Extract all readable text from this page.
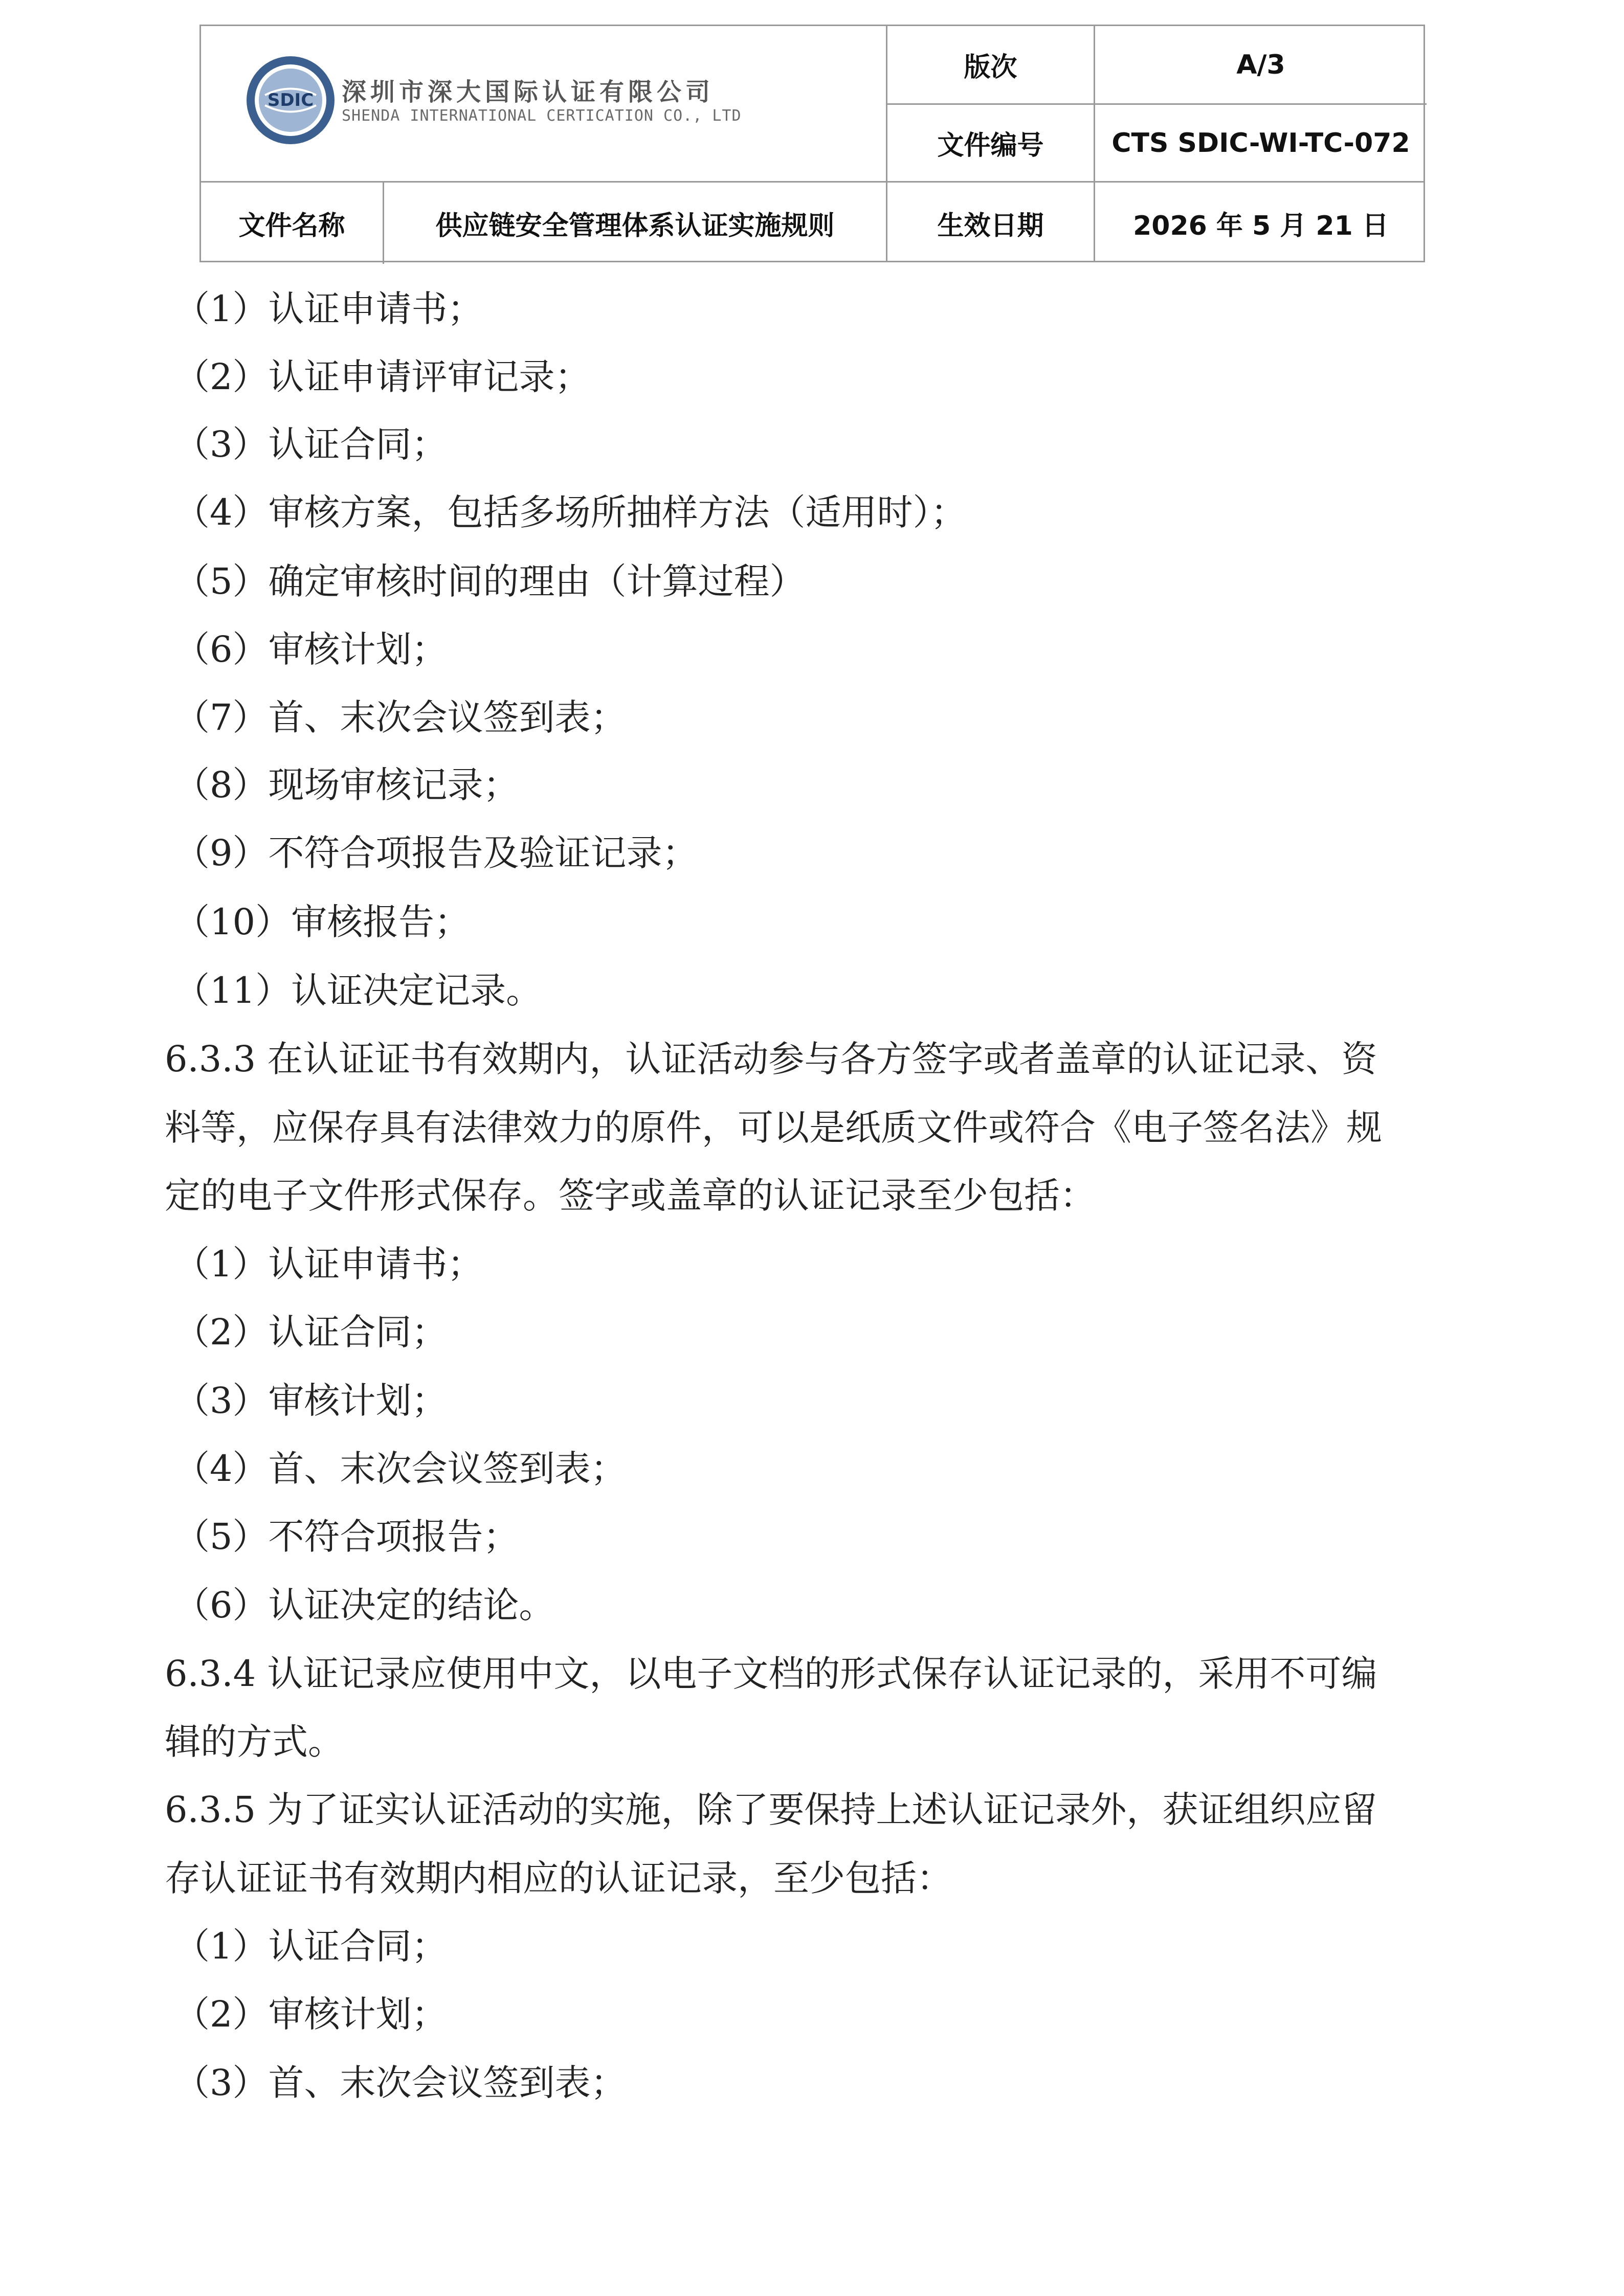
SDIC 深圳市深大国际认证有限公司
SHENDA INTERNATIONAL CERTICATION CO., LTD
版次	A/3
文件编号	CTS SDIC-WI-TC-072
文件名称	供应链安全管理体系认证实施规则	生效日期	2026 年 5 月 21 日
（1）认证申请书；
（2）认证申请评审记录；
（3）认证合同；
（4）审核方案，包括多场所抽样方法（适用时）；
（5）确定审核时间的理由（计算过程）
（6）审核计划；
（7）首、末次会议签到表；
（8）现场审核记录；
（9）不符合项报告及验证记录；
（10）审核报告；
（11）认证决定记录。
6.3.3 在认证证书有效期内，认证活动参与各方签字或者盖章的认证记录、资
料等，应保存具有法律效力的原件，可以是纸质文件或符合《电子签名法》规
定的电子文件形式保存。签字或盖章的认证记录至少包括：
（1）认证申请书；
（2）认证合同；
（3）审核计划；
（4）首、末次会议签到表；
（5）不符合项报告；
（6）认证决定的结论。
6.3.4 认证记录应使用中文，以电子文档的形式保存认证记录的，采用不可编
辑的方式。
6.3.5 为了证实认证活动的实施，除了要保持上述认证记录外，获证组织应留
存认证证书有效期内相应的认证记录，至少包括：
（1）认证合同；
（2）审核计划；
（3）首、末次会议签到表；
